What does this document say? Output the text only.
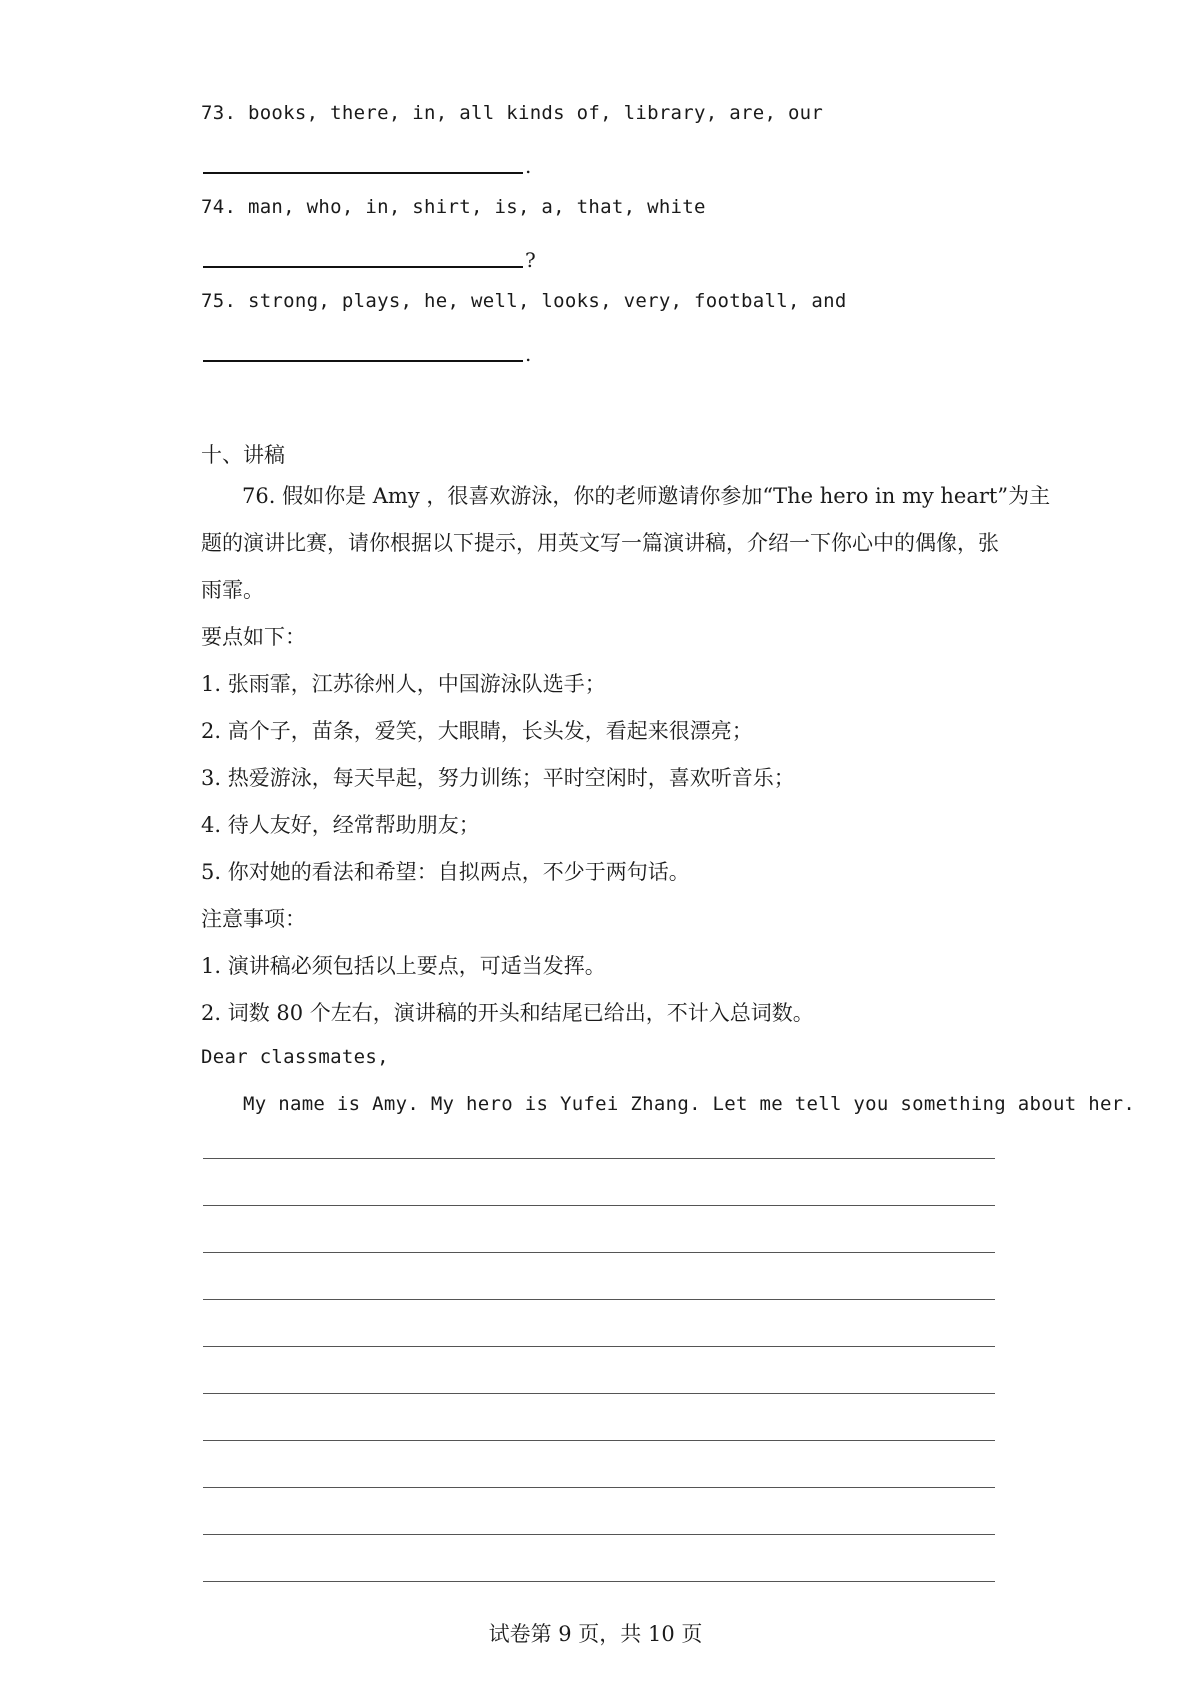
73. books, there, in, all kinds of, library, are, our
.
74. man, who, in, shirt, is, a, that, white
?
75. strong, plays, he, well, looks, very, football, and
.
十、讲稿
76. 假如你是 Amy ，很喜欢游泳，你的老师邀请你参加“The hero in my heart”为主
题的演讲比赛，请你根据以下提示，用英文写一篇演讲稿，介绍一下你心中的偶像，张
雨霏。
要点如下：
1. 张雨霏，江苏徐州人，中国游泳队选手；
2. 高个子，苗条，爱笑，大眼睛，长头发，看起来很漂亮；
3. 热爱游泳，每天早起，努力训练；平时空闲时，喜欢听音乐；
4. 待人友好，经常帮助朋友；
5. 你对她的看法和希望：自拟两点，不少于两句话。
注意事项：
1. 演讲稿必须包括以上要点，可适当发挥。
2. 词数 80 个左右，演讲稿的开头和结尾已给出，不计入总词数。
Dear classmates,
My name is Amy. My hero is Yufei Zhang. Let me tell you something about her.
试卷第 9 页，共 10 页
